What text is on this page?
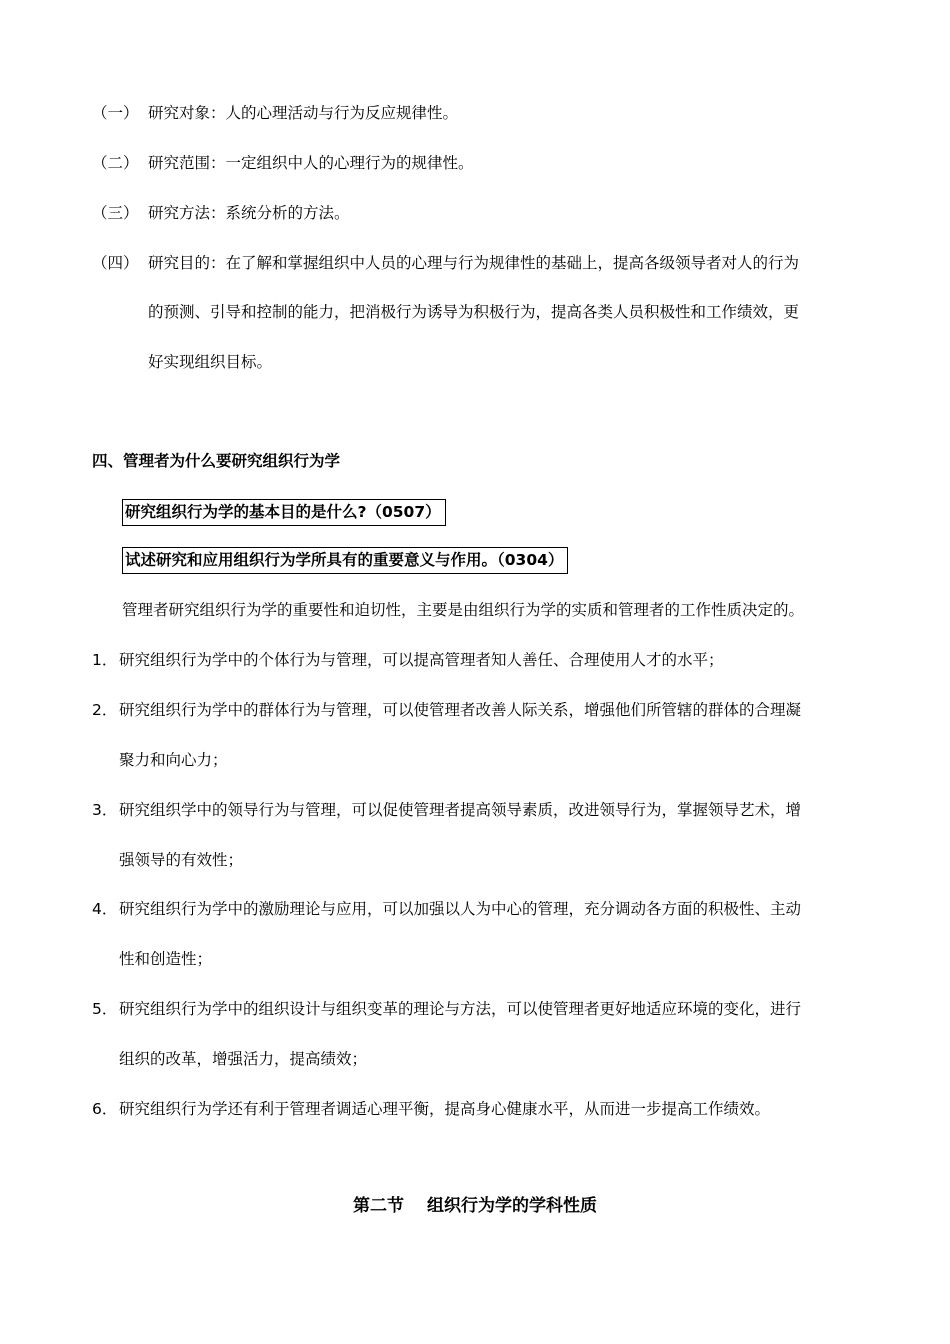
（一） 研究对象：人的心理活动与行为反应规律性。
（二） 研究范围：一定组织中人的心理行为的规律性。
（三） 研究方法：系统分析的方法。
（四） 研究目的：在了解和掌握组织中人员的心理与行为规律性的基础上，提高各级领导者对人的行为
的预测、引导和控制的能力，把消极行为诱导为积极行为，提高各类人员积极性和工作绩效，更
好实现组织目标。
四、管理者为什么要研究组织行为学
研究组织行为学的基本目的是什么?（0507）
试述研究和应用组织行为学所具有的重要意义与作用。（0304）
管理者研究组织行为学的重要性和迫切性，主要是由组织行为学的实质和管理者的工作性质决定的。
1． 研究组织行为学中的个体行为与管理，可以提高管理者知人善任、合理使用人才的水平；
2． 研究组织行为学中的群体行为与管理，可以使管理者改善人际关系，增强他们所管辖的群体的合理凝
聚力和向心力；
3． 研究组织学中的领导行为与管理，可以促使管理者提高领导素质，改进领导行为，掌握领导艺术，增
强领导的有效性；
4． 研究组织行为学中的激励理论与应用，可以加强以人为中心的管理，充分调动各方面的积极性、主动
性和创造性；
5． 研究组织行为学中的组织设计与组织变革的理论与方法，可以使管理者更好地适应环境的变化，进行
组织的改革，增强活力，提高绩效；
6． 研究组织行为学还有利于管理者调适心理平衡，提高身心健康水平，从而进一步提高工作绩效。
第二节　 组织行为学的学科性质
